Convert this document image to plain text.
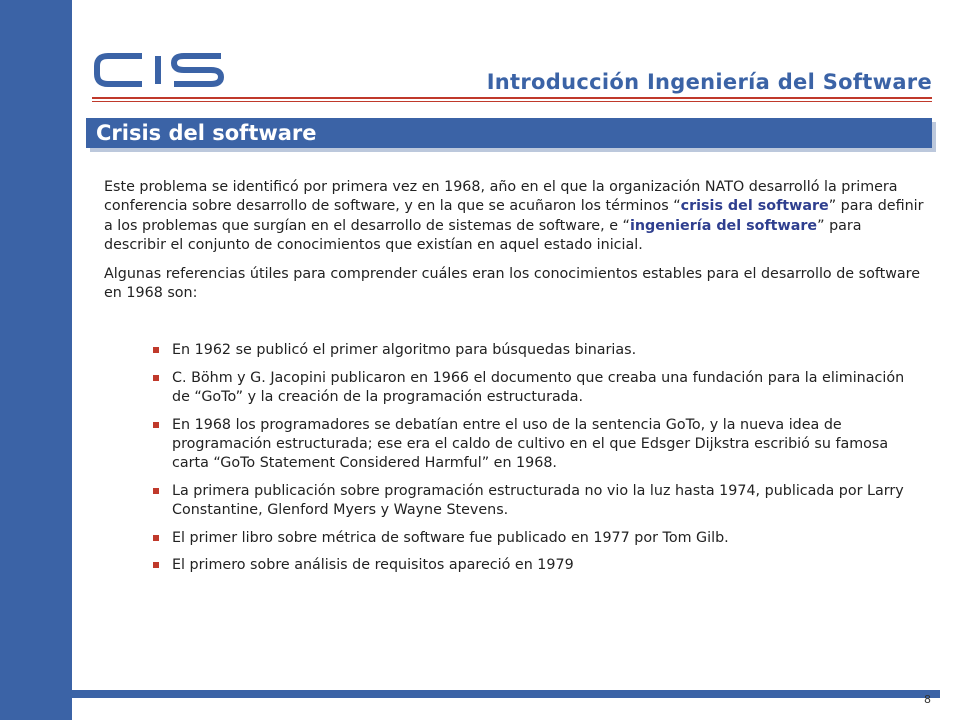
Introducción Ingeniería del Software
Crisis del software

Este problema se identificó por primera vez en 1968, año en el que la organización NATO desarrolló la primera conferencia sobre desarrollo de software, y en la que se acuñaron los términos “crisis del software” para definir a los problemas que surgían en el desarrollo de sistemas de software, e “ingeniería del software” para describir el conjunto de conocimientos que existían en aquel estado inicial.

Algunas referencias útiles para comprender cuáles eran los conocimientos estables para el desarrollo de software en 1968 son:

En 1962 se publicó el primer algoritmo para búsquedas binarias.
C. Böhm y G. Jacopini publicaron en 1966 el documento que creaba una fundación para la eliminación de “GoTo” y la creación de la programación estructurada.
En 1968 los programadores se debatían entre el uso de la sentencia GoTo, y la nueva idea de programación estructurada; ese era el caldo de cultivo en el que Edsger Dijkstra escribió su famosa carta “GoTo Statement Considered Harmful” en 1968.
La primera publicación sobre programación estructurada no vio la luz hasta 1974, publicada por Larry Constantine, Glenford Myers y Wayne Stevens.
El primer libro sobre métrica de software fue publicado en 1977 por Tom Gilb.
El primero sobre análisis de requisitos apareció en 1979
8
